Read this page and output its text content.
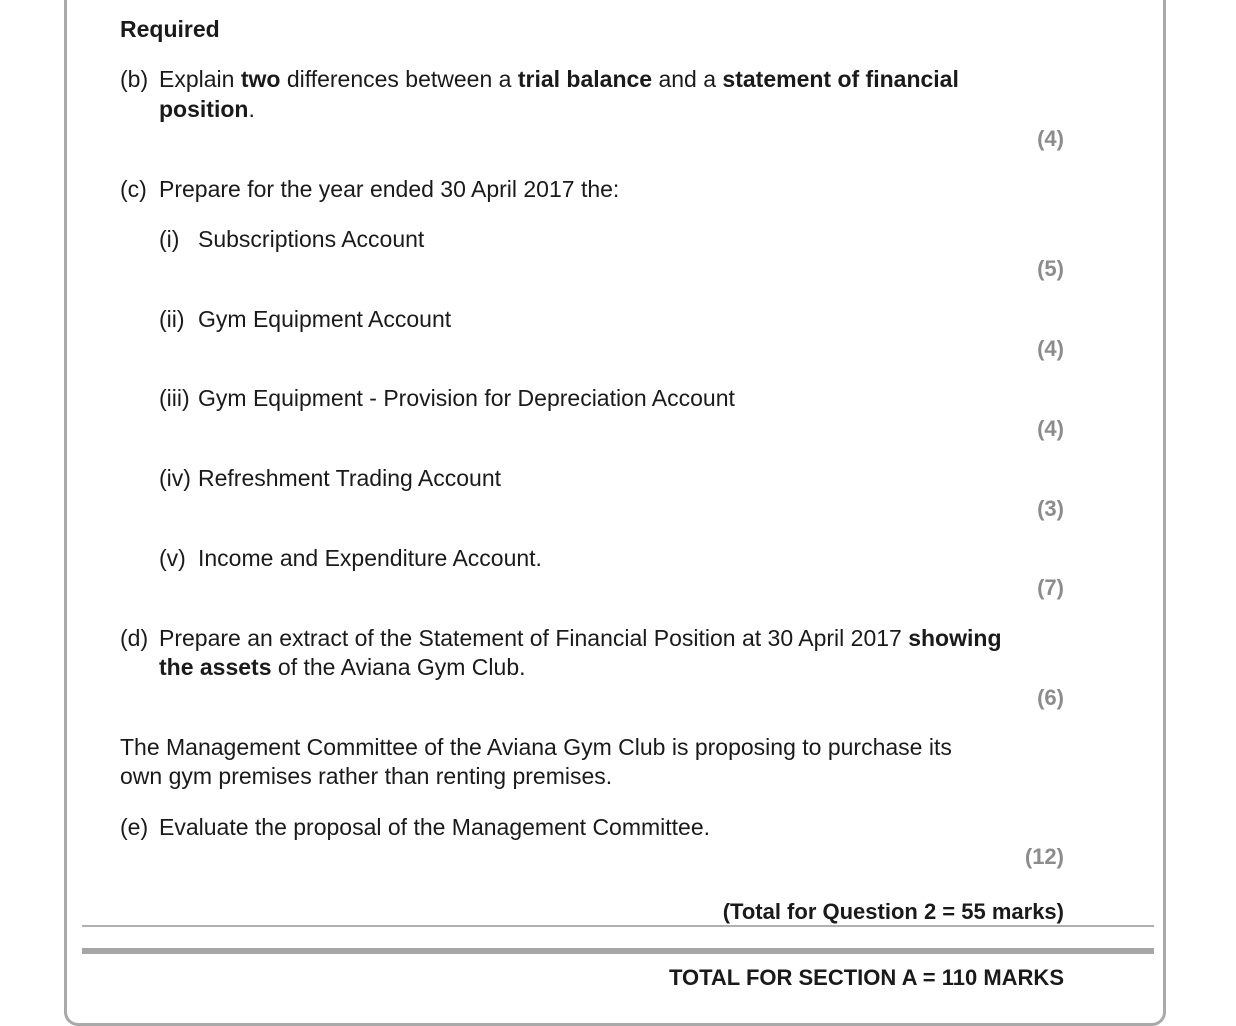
Required
(b) Explain two differences between a trial balance and a statement of financial
position.
(4)
(c) Prepare for the year ended 30 April 2017 the:
(i) Subscriptions Account
(5)
(ii) Gym Equipment Account
(4)
(iii) Gym Equipment - Provision for Depreciation Account
(4)
(iv) Refreshment Trading Account
(3)
(v) Income and Expenditure Account.
(7)
(d) Prepare an extract of the Statement of Financial Position at 30 April 2017 showing
the assets of the Aviana Gym Club.
(6)
The Management Committee of the Aviana Gym Club is proposing to purchase its
own gym premises rather than renting premises.
(e) Evaluate the proposal of the Management Committee.
(12)
(Total for Question 2 = 55 marks)
TOTAL FOR SECTION A = 110 MARKS
